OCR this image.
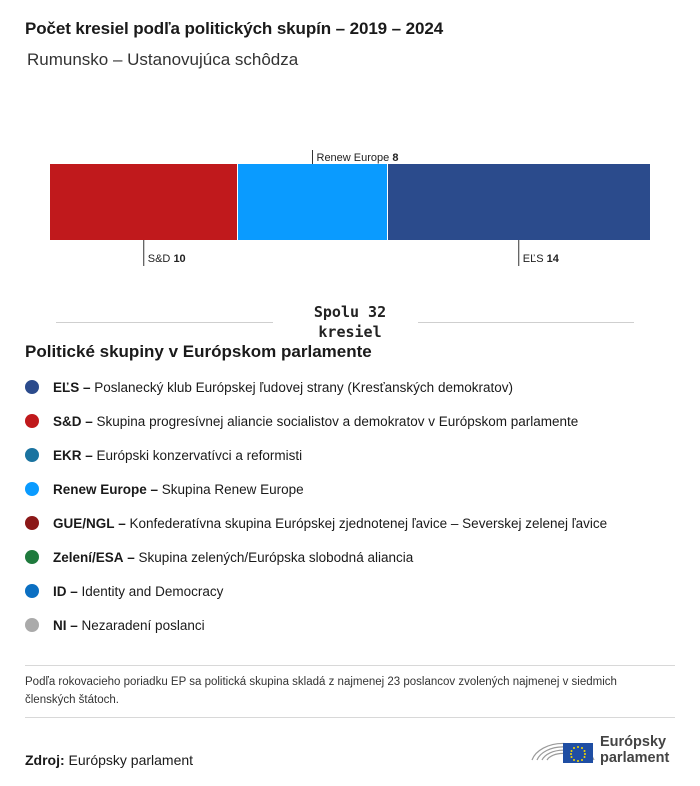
Počet kresiel podľa politických skupín – 2019 – 2024
Rumunsko – Ustanovujúca schôdza
S&D 10
Renew Europe 8
EĽS 14
Spolu 32
kresiel
Politické skupiny v Európskom parlamente
EĽS – Poslanecký klub Európskej ľudovej strany (Kresťanských demokratov)
S&D – Skupina progresívnej aliancie socialistov a demokratov v Európskom parlamente
EKR – Európski konzervatívci a reformisti
Renew Europe – Skupina Renew Europe
GUE/NGL – Konfederatívna skupina Európskej zjednotenej ľavice – Severskej zelenej ľavice
Zelení/ESA – Skupina zelených/Európska slobodná aliancia
ID – Identity and Democracy
NI – Nezaradení poslanci
Podľa rokovacieho poriadku EP sa politická skupina skladá z najmenej 23 poslancov zvolených najmenej v siedmich členských štátoch.
Zdroj: Európsky parlament
Európsky
parlament
